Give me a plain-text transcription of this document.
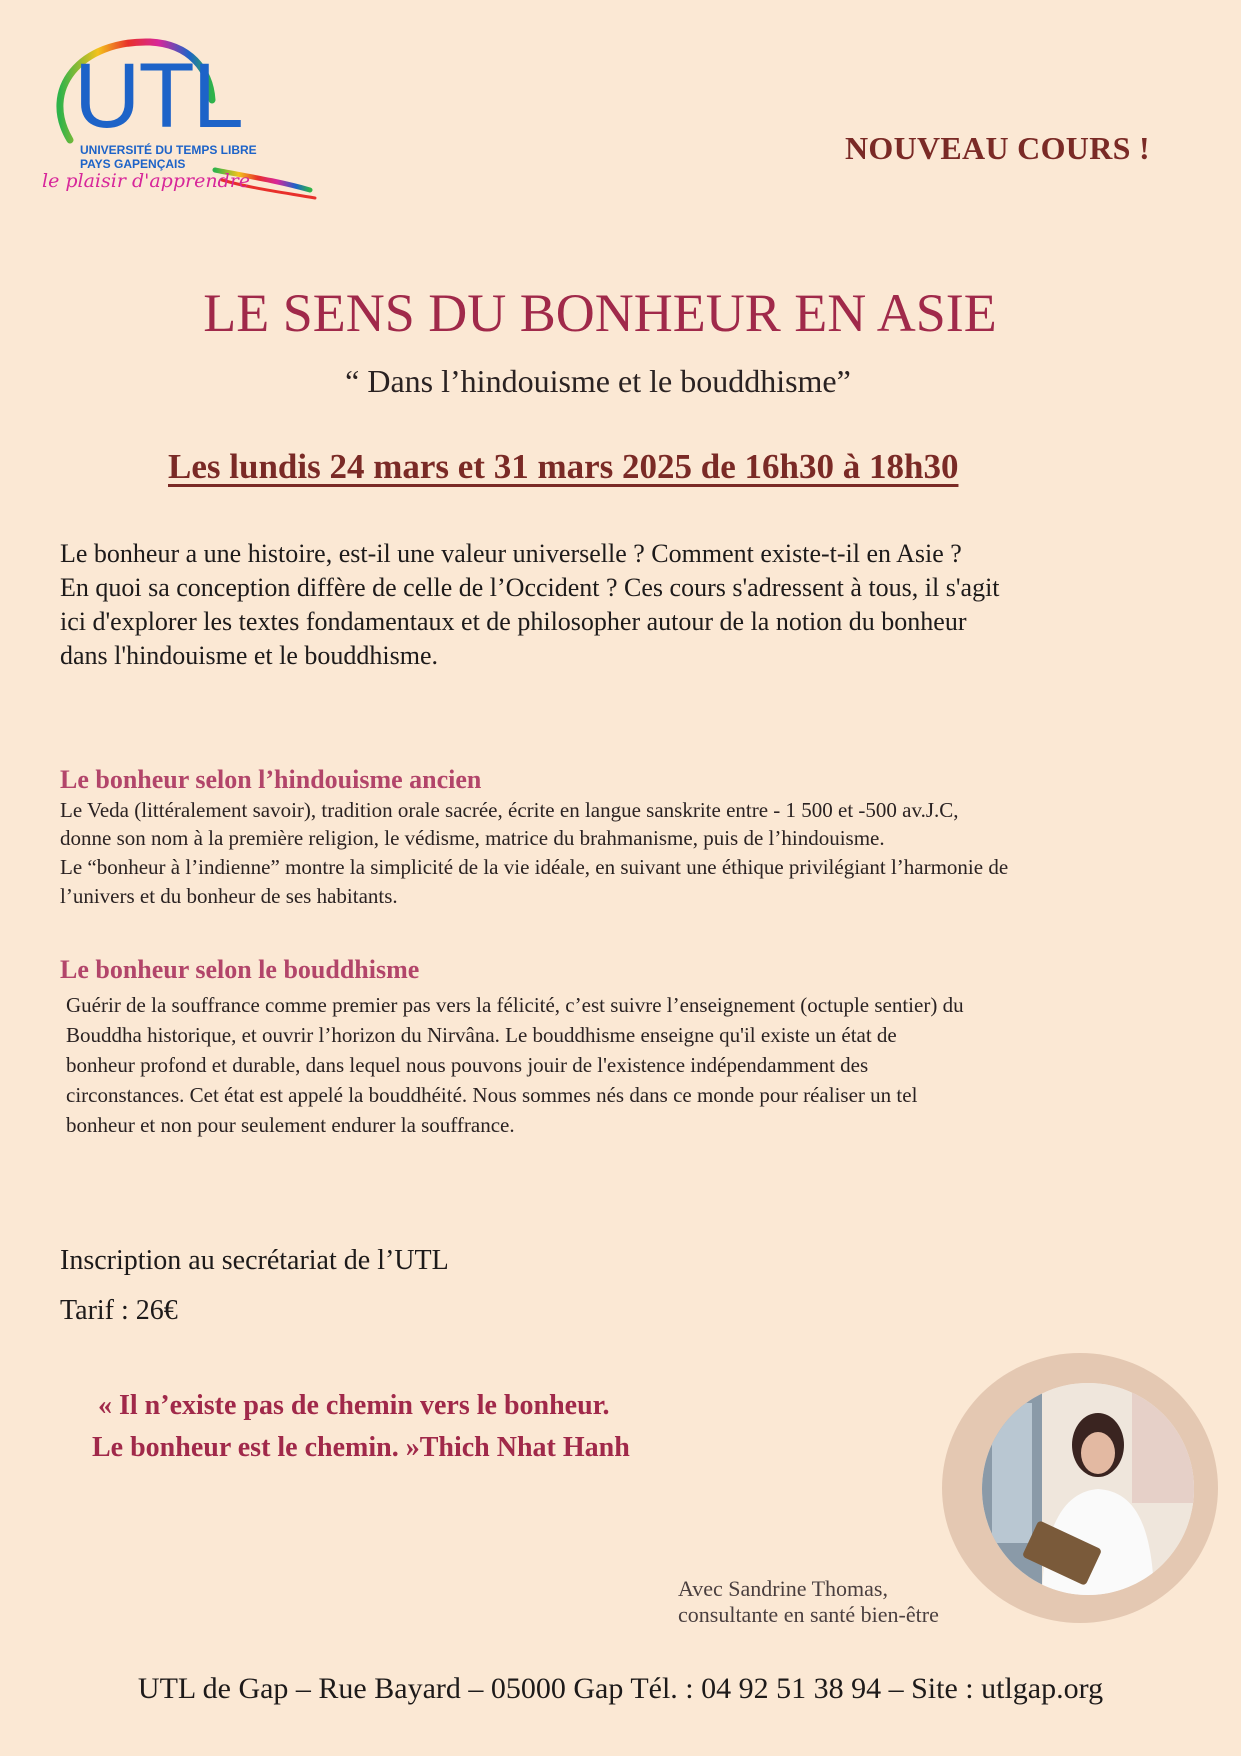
UTL
UNIVERSITÉ DU TEMPS LIBRE
PAYS GAPENÇAIS
le plaisir d'apprendre
NOUVEAU COURS !
LE SENS DU BONHEUR EN ASIE
“ Dans l’hindouisme et le bouddhisme”
Les lundis 24 mars et 31 mars 2025 de 16h30 à 18h30
Le bonheur a une histoire, est-il une valeur universelle ? Comment existe-t-il en Asie ?
En quoi sa conception diffère de celle de l’Occident ? Ces cours s'adressent à tous, il s'agit
ici d'explorer les textes fondamentaux et de philosopher autour de la notion du bonheur
dans l'hindouisme et le bouddhisme.
Le bonheur selon l’hindouisme ancien
Le Veda (littéralement savoir), tradition orale sacrée, écrite en langue sanskrite entre - 1 500 et -500 av.J.C,
donne son nom à la première religion, le védisme, matrice du brahmanisme, puis de l’hindouisme.
Le “bonheur à l’indienne” montre la simplicité de la vie idéale, en suivant une éthique privilégiant l’harmonie de
l’univers et du bonheur de ses habitants.
Le bonheur selon le bouddhisme
Guérir de la souffrance comme premier pas vers la félicité, c’est suivre l’enseignement (octuple sentier) du
Bouddha historique, et ouvrir l’horizon du Nirvâna. Le bouddhisme enseigne qu'il existe un état de
bonheur profond et durable, dans lequel nous pouvons jouir de l'existence indépendamment des
circonstances. Cet état est appelé la bouddhéité. Nous sommes nés dans ce monde pour réaliser un tel
bonheur et non pour seulement endurer la souffrance.
Inscription au secrétariat de l’UTL
Tarif : 26€
« Il n’existe pas de chemin vers le bonheur.
Le bonheur est le chemin. »Thich Nhat Hanh
Avec Sandrine Thomas,
consultante en santé bien-être
UTL de Gap – Rue Bayard – 05000 Gap Tél. : 04 92 51 38 94 – Site : utlgap.org
